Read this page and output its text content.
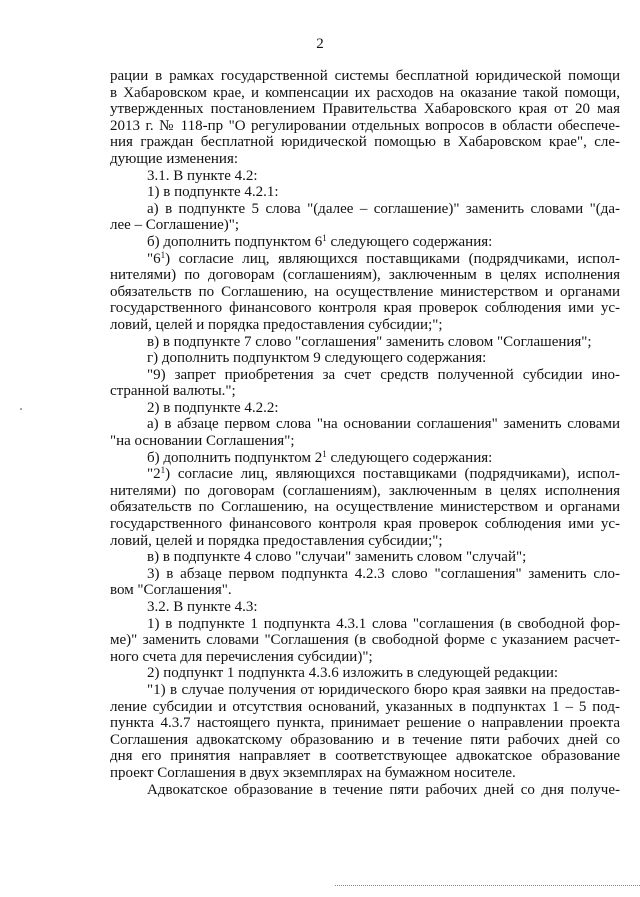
2
рации в рамках государственной системы бесплатной юридической помощи
в Хабаровском крае, и компенсации их расходов на оказание такой помощи,
утвержденных постановлением Правительства Хабаровского края от 20 мая
2013 г. № 118-пр "О регулировании отдельных вопросов в области обеспече-
ния граждан бесплатной юридической помощью в Хабаровском крае", сле-
дующие изменения:
3.1. В пункте 4.2:
1) в подпункте 4.2.1:
а) в подпункте 5 слова "(далее – соглашение)" заменить словами "(да-
лее – Соглашение)";
б) дополнить подпунктом $6^1$ следующего содержания:
"$6^1$) согласие лиц, являющихся поставщиками (подрядчиками, испол-
нителями) по договорам (соглашениям), заключенным в целях исполнения
обязательств по Соглашению, на осуществление министерством и органами
государственного финансового контроля края проверок соблюдения ими ус-
ловий, целей и порядка предоставления субсидии;";
в) в подпункте 7 слово "соглашения" заменить словом "Соглашения";
г) дополнить подпунктом 9 следующего содержания:
"9) запрет приобретения за счет средств полученной субсидии ино-
странной валюты.";
2) в подпункте 4.2.2:
а) в абзаце первом слова "на основании соглашения" заменить словами
"на основании Соглашения";
б) дополнить подпунктом $2^1$ следующего содержания:
"$2^1$) согласие лиц, являющихся поставщиками (подрядчиками), испол-
нителями) по договорам (соглашениям), заключенным в целях исполнения
обязательств по Соглашению, на осуществление министерством и органами
государственного финансового контроля края проверок соблюдения ими ус-
ловий, целей и порядка предоставления субсидии;";
в) в подпункте 4 слово "случаи" заменить словом "случай";
3) в абзаце первом подпункта 4.2.3 слово "соглашения" заменить сло-
вом "Соглашения".
3.2. В пункте 4.3:
1) в подпункте 1 подпункта 4.3.1 слова "соглашения (в свободной фор-
ме)" заменить словами "Соглашения (в свободной форме с указанием расчет-
ного счета для перечисления субсидии)";
2) подпункт 1 подпункта 4.3.6 изложить в следующей редакции:
"1) в случае получения от юридического бюро края заявки на предостав-
ление субсидии и отсутствия оснований, указанных в подпунктах 1 – 5 под-
пункта 4.3.7 настоящего пункта, принимает решение о направлении проекта
Соглашения адвокатскому образованию и в течение пяти рабочих дней со
дня его принятия направляет в соответствующее адвокатское образование
проект Соглашения в двух экземплярах на бумажном носителе.
Адвокатское образование в течение пяти рабочих дней со дня получе-
